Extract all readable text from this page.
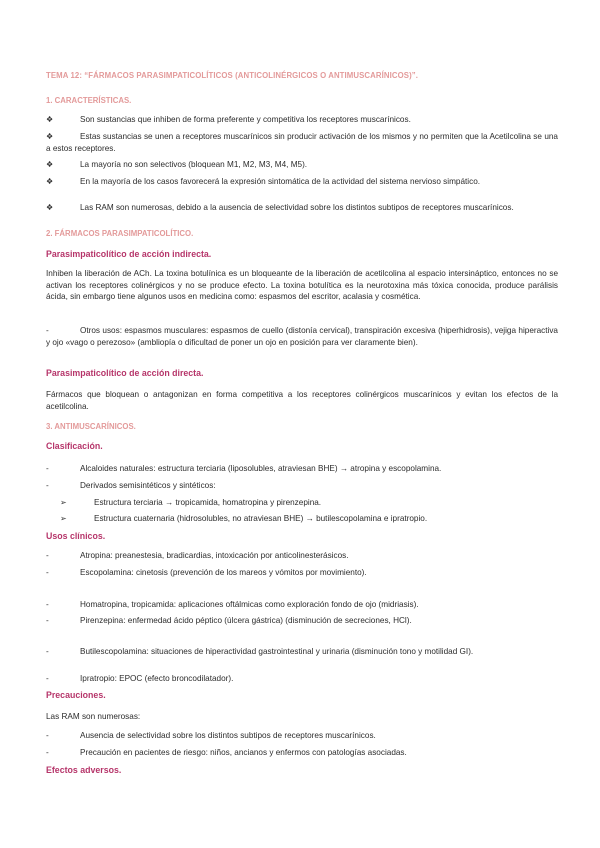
TEMA 12: “FÁRMACOS PARASIMPATICOLÍTICOS (ANTICOLINÉRGICOS O ANTIMUSCARÍNICOS)”.
1. CARACTERÍSTICAS.
❖	Son sustancias que inhiben de forma preferente y competitiva los receptores muscarínicos.
❖	Estas sustancias se unen a receptores muscarínicos sin producir activación de los mismos y no permiten que la Acetilcolina se una a estos receptores.
❖	La mayoría no son selectivos (bloquean M1, M2, M3, M4, M5).
❖	En la mayoría de los casos favorecerá la expresión sintomática de la actividad del sistema nervioso simpático.
❖	Las RAM son numerosas, debido a la ausencia de selectividad sobre los distintos subtipos de receptores muscarínicos.
2. FÁRMACOS PARASIMPATICOLÍTICO.
Parasimpaticolítico de acción indirecta.

Inhiben la liberación de ACh. La toxina botulínica es un bloqueante de la liberación de acetilcolina al espacio intersináptico, entonces no se activan los receptores colinérgicos y no se produce efecto. La toxina botulítica es la neurotoxina más tóxica conocida, produce parálisis ácida, sin embargo tiene algunos usos en medicina como: espasmos del escritor, acalasia y cosmética.

-	Otros usos: espasmos musculares: espasmos de cuello (distonía cervical), transpiración excesiva (hiperhidrosis), vejiga hiperactiva y ojo «vago o perezoso» (ambliopía o dificultad de poner un ojo en posición para ver claramente bien).
Parasimpaticolítico de acción directa.

Fármacos que bloquean o antagonizan en forma competitiva a los receptores colinérgicos muscarínicos y evitan los efectos de la acetilcolina.

3. ANTIMUSCARÍNICOS.
Clasificación.
-	Alcaloides naturales: estructura terciaria (liposolubles, atraviesan BHE) → atropina y escopolamina.
-	Derivados semisintéticos y sintéticos:
➢	Estructura terciaria → tropicamida, homatropina y pirenzepina.
➢	Estructura cuaternaria (hidrosolubles, no atraviesan BHE) → butilescopolamina e ipratropio.
Usos clínicos.
-	Atropina: preanestesia, bradicardias, intoxicación por anticolinesterásicos.
-	Escopolamina: cinetosis (prevención de los mareos y vómitos por movimiento).
-	Homatropina, tropicamida: aplicaciones oftálmicas como exploración fondo de ojo (midriasis).
-	Pirenzepina: enfermedad ácido péptico (úlcera gástrica) (disminución de secreciones, HCl).
-	Butilescopolamina: situaciones de hiperactividad gastrointestinal y urinaria (disminución tono y motilidad GI).
-	Ipratropio: EPOC (efecto broncodilatador).
Precauciones.

Las RAM son numerosas:

-	Ausencia de selectividad sobre los distintos subtipos de receptores muscarínicos.
-	Precaución en pacientes de riesgo: niños, ancianos y enfermos con patologías asociadas.
Efectos adversos.
